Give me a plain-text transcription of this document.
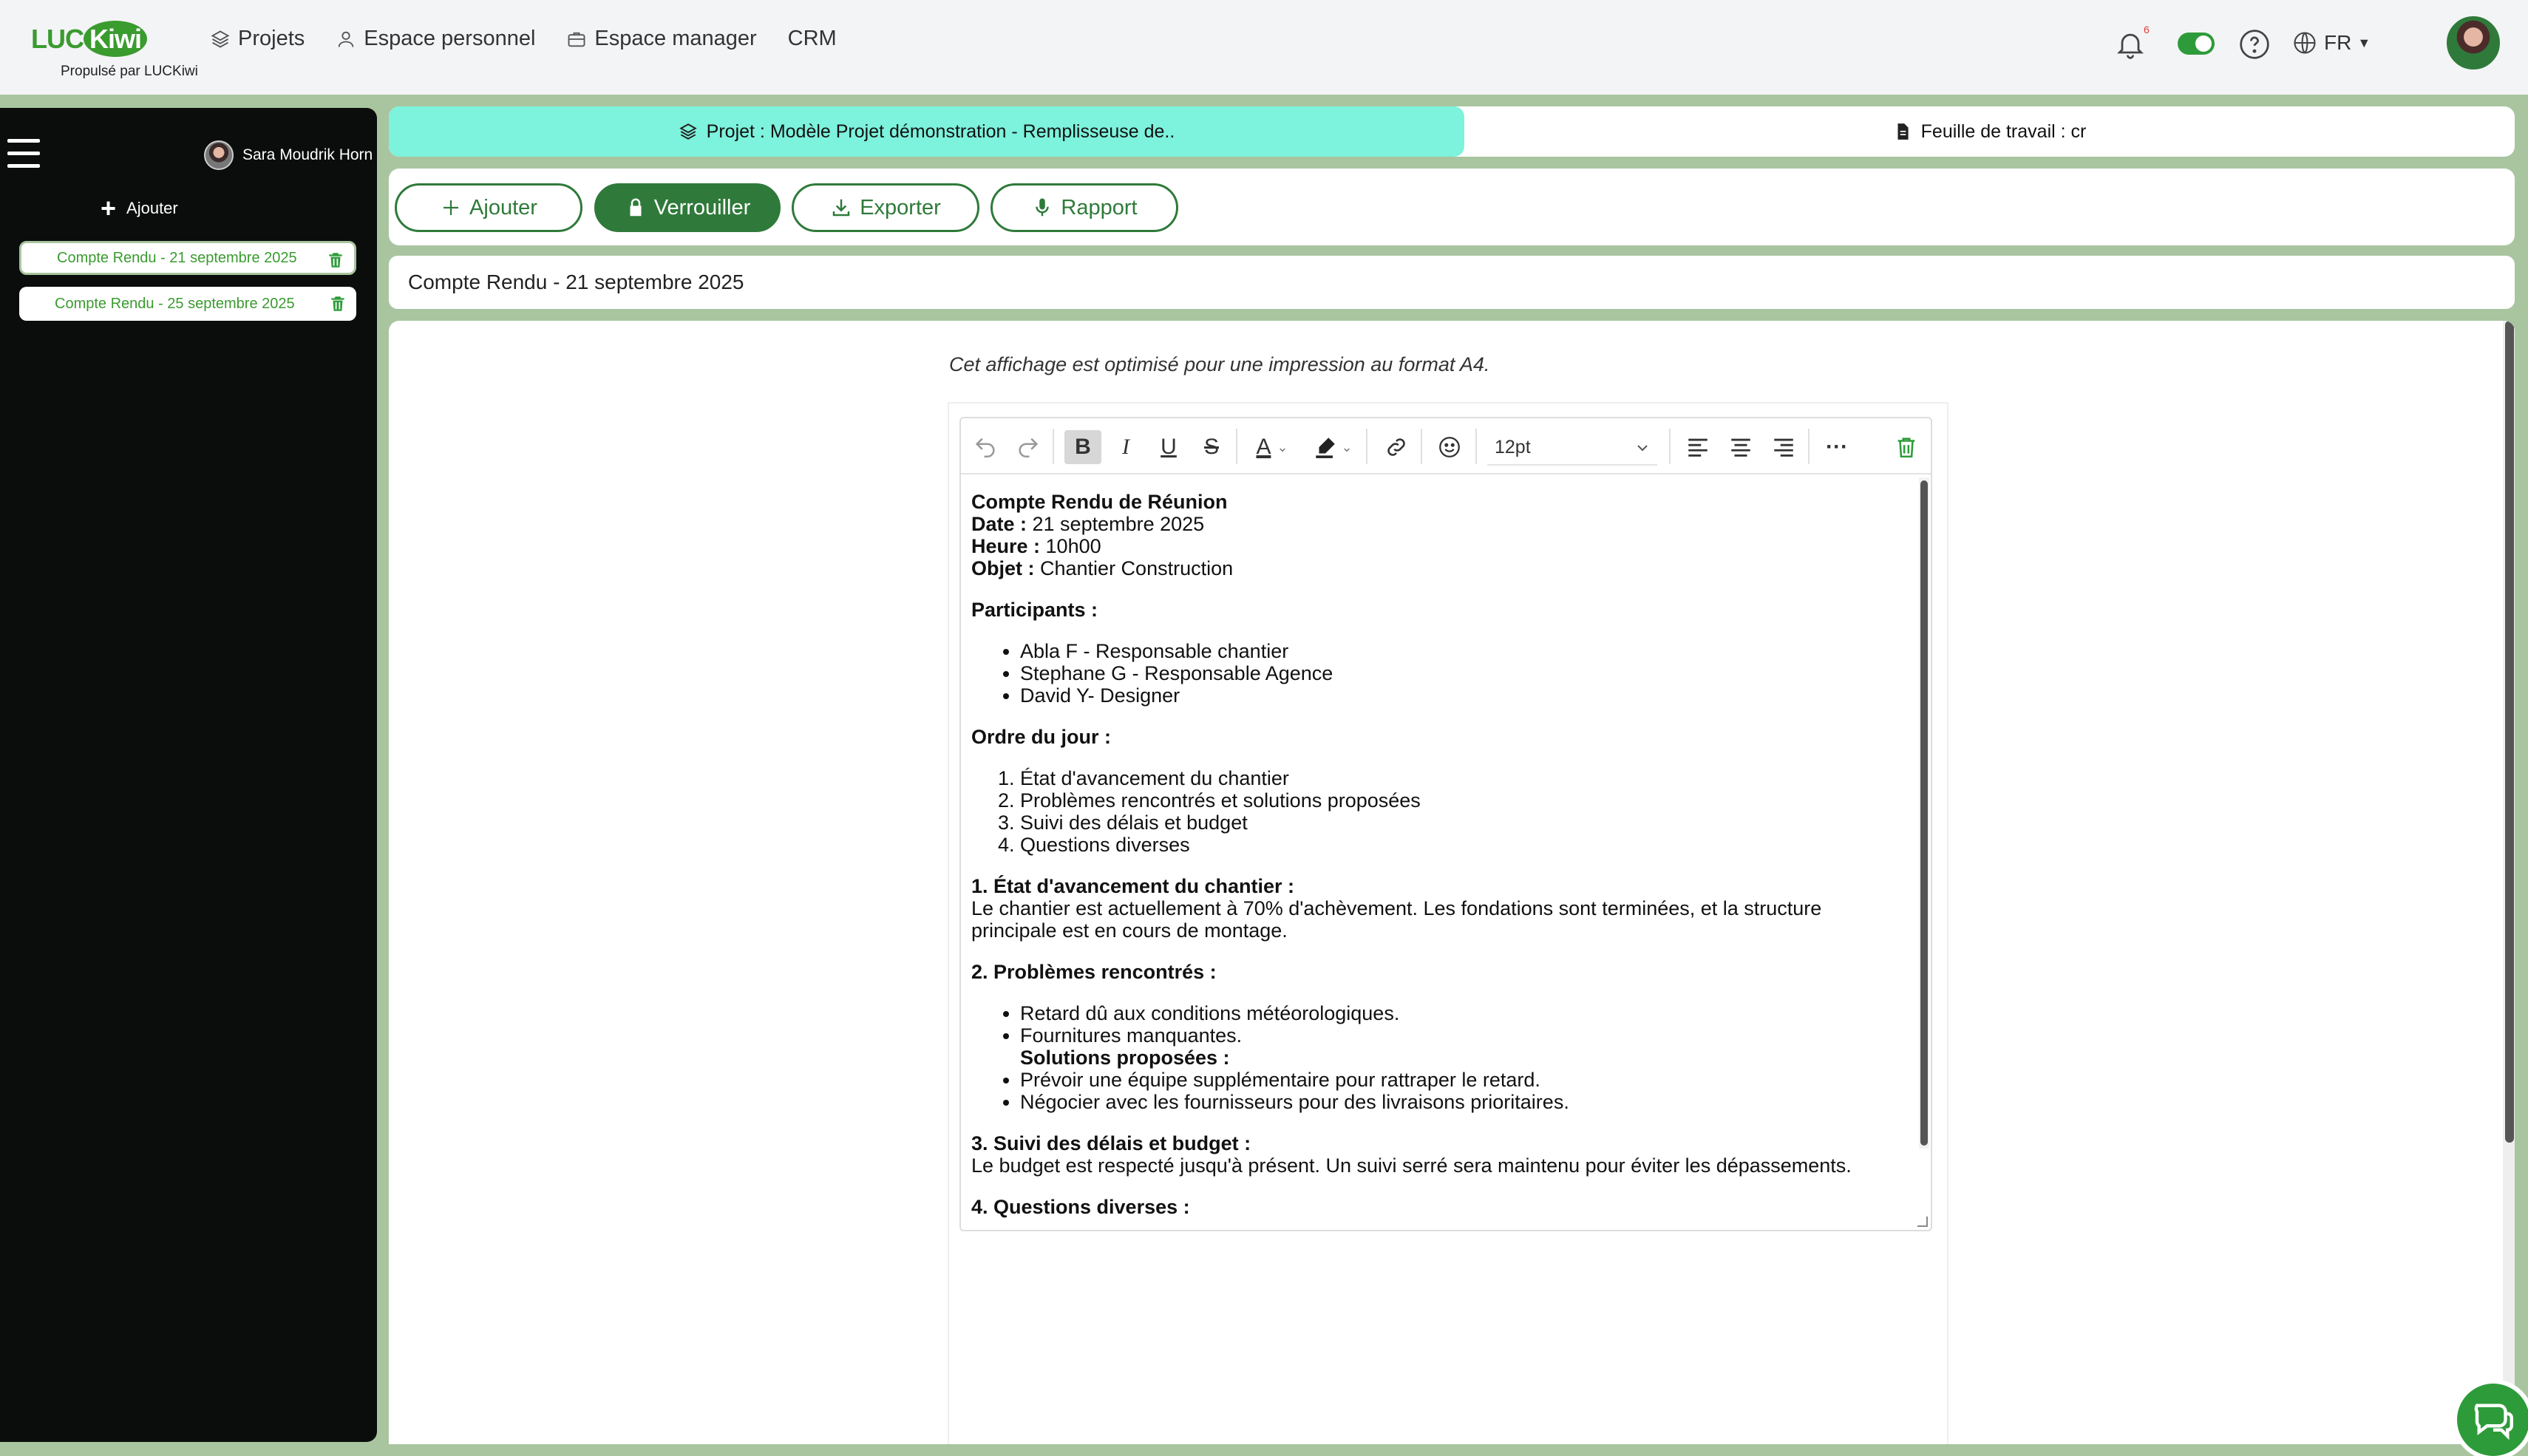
LUC Kiwi
Propulsé par LUCKiwi
Projets	Espace personnel	Espace manager CRM	6
FR ▼
Sara Moudrik Horn
+ Ajouter
Compte Rendu - 21 septembre 2025
Compte Rendu - 25 septembre 2025
Projet : Modèle Projet démonstration - Remplisseuse de..	Feuille de travail : cr
Ajouter	Verrouiller	Exporter	Rapport
Compte Rendu - 21 septembre 2025
Cet affichage est optimisé pour une impression au format A4.
B	I	U	S	A ⌄	⌄	12pt	···

Compte Rendu de Réunion

Date : 21 septembre 2025

Heure : 10h00

Objet : Chantier Construction

Participants :

• Abla F - Responsable chantier
• Stephane G - Responsable Agence
• David Y- Designer

Ordre du jour :

1. État d'avancement du chantier
2. Problèmes rencontrés et solutions proposées
3. Suivi des délais et budget
4. Questions diverses

1. État d'avancement du chantier :

Le chantier est actuellement à 70% d'achèvement. Les fondations sont terminées, et la structure principale est en cours de montage.

2. Problèmes rencontrés :

• Retard dû aux conditions météorologiques.
• Fournitures manquantes.
Solutions proposées :
• Prévoir une équipe supplémentaire pour rattraper le retard.
• Négocier avec les fournisseurs pour des livraisons prioritaires.

3. Suivi des délais et budget :

Le budget est respecté jusqu'à présent. Un suivi serré sera maintenu pour éviter les dépassements.

4. Questions diverses :
